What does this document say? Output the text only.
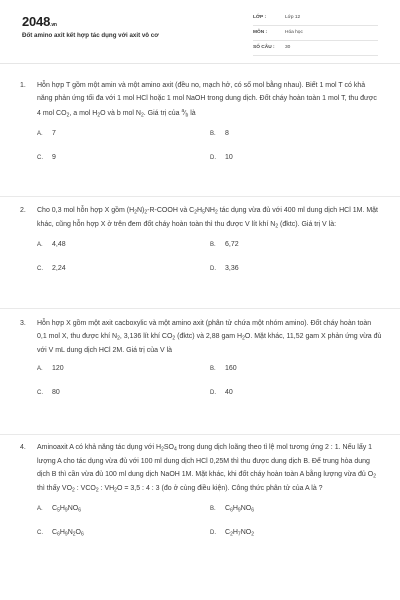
2048.vn
Đốt amino axit kết hợp tác dụng với axit vô cơ
LỚP :	Lớp 12
MÔN :	Hóa học
SỐ CÂU : 30
1.	Hỗn hợp T gồm một amin và một amino axit (đều no, mạch hở, có số mol bằng nhau). Biết 1 mol T có khả năng phản ứng tối đa với 1 mol HCl hoặc 1 mol NaOH trong dung dịch. Đốt cháy hoàn toàn 1 mol T, thu được 4 mol $CO_2$, a mol $H_2O$ và b mol $N_2$. Giá trị của $^a⁄_b$ là
A. 7	B. 8
C. 9	D. 10
2.	Cho 0,3 mol hỗn hợp X gồm $(H_2N)_2-R$-COOH và $C_2H_5NH_2$ tác dụng vừa đủ với 400 ml dung dịch HCl 1M. Mặt khác, cũng hỗn hợp X ở trên đem đốt cháy hoàn toàn thì thu được V lít khí $N_2$ (đktc). Giá trị V là:
A. 4,48	B. 6,72
C. 2,24	D. 3,36
3.	Hỗn hợp X gồm một axit cacboxylic và một amino axit (phân tử chứa một nhóm amino). Đốt cháy hoàn toàn 0,1 mol X, thu được khí $N_2$, 3,136 lít khí $CO_2$ (đktc) và 2,88 gam $H_2O$. Mặt khác, 11,52 gam X phản ứng vừa đủ với V mL dung dịch HCl 2M. Giá trị của V là
A. 120	B. 160
C. 80	D. 40
4.	Aminoaxit A có khả năng tác dụng với $H_2SO_4$ trong dung dịch loãng theo tỉ lệ mol tương ứng 2 : 1. Nếu lấy 1 lượng A cho tác dụng vừa đủ với 100 ml dung dịch HCl 0,25M thì thu được dung dịch B. Để trung hòa dung dịch B thì cần vừa đủ 100 ml dung dịch NaOH 1M. Mặt khác, khi đốt cháy hoàn toàn A bằng lượng vừa đủ $O_2$ thì thấy $VO_2$ : $VCO_2$ : $VH_2O = 3,5$ : 4 : 3 (đo ở cùng điều kiện). Công thức phân tử của A là ?
A. $C_5H_9NO_6$	B. $C_6H_9NO_6$
C. $C_6H_9N_2O_6$	D. $C_2H_7NO_2$
